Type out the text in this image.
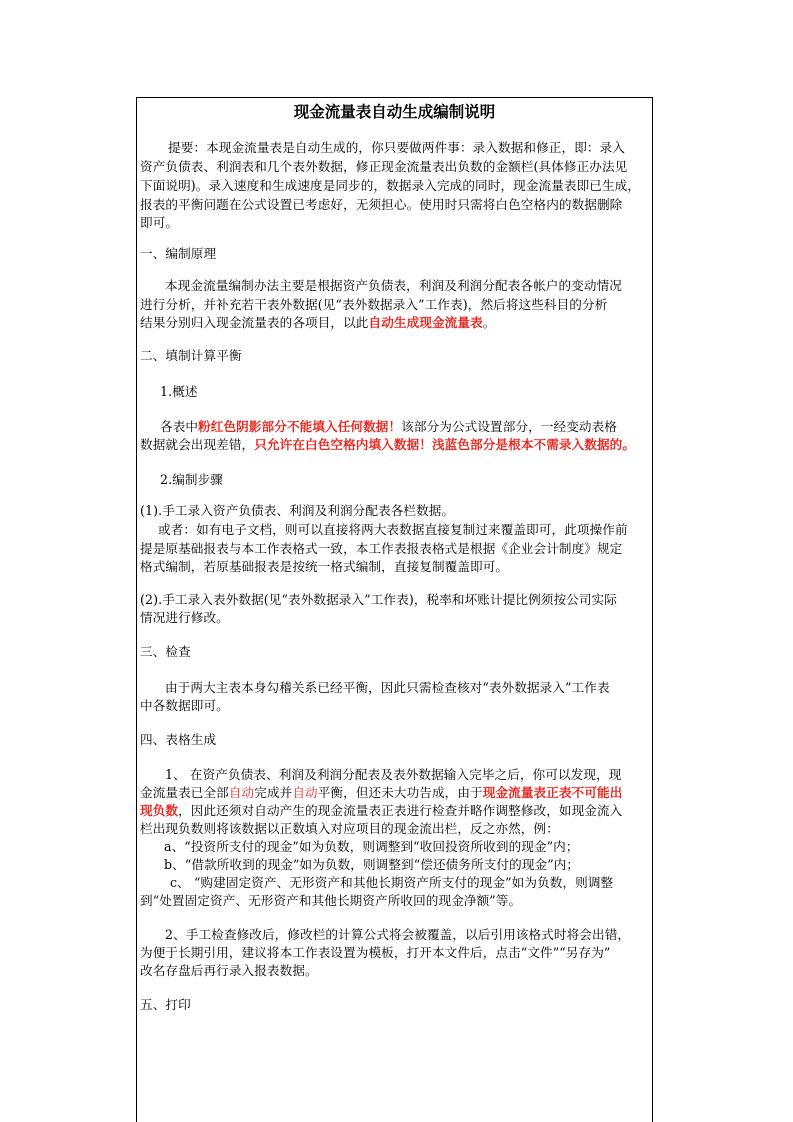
现金流量表自动生成编制说明
提要：本现金流量表是自动生成的，你只要做两件事：录入数据和修正，即：录入
资产负债表、利润表和几个表外数据，修正现金流量表出负数的金额栏(具体修正办法见
下面说明)。录入速度和生成速度是同步的，数据录入完成的同时，现金流量表即已生成，
报表的平衡问题在公式设置已考虑好，无须担心。使用时只需将白色空格内的数据删除
即可。
一、编制原理
本现金流量编制办法主要是根据资产负债表，利润及利润分配表各帐户的变动情况
进行分析，并补充若干表外数据(见“表外数据录入”工作表)，然后将这些科目的分析
结果分别归入现金流量表的各项目，以此自动生成现金流量表。
二、填制计算平衡
1.概述
各表中粉红色阴影部分不能填入任何数据！该部分为公式设置部分，一经变动表格
数据就会出现差错，只允许在白色空格内填入数据！浅蓝色部分是根本不需录入数据的。
2.编制步骤
(1).手工录入资产负债表、利润及利润分配表各栏数据。
或者：如有电子文档，则可以直接将两大表数据直接复制过来覆盖即可，此项操作前
提是原基础报表与本工作表格式一致，本工作表报表格式是根据《企业会计制度》规定
格式编制，若原基础报表是按统一格式编制，直接复制覆盖即可。
(2).手工录入表外数据(见“表外数据录入”工作表)，税率和坏账计提比例须按公司实际
情况进行修改。
三、检查
由于两大主表本身勾稽关系已经平衡，因此只需检查核对“表外数据录入”工作表
中各数据即可。
四、表格生成
1、 在资产负债表、利润及利润分配表及表外数据输入完毕之后，你可以发现，现
金流量表已全部自动完成并自动平衡，但还未大功告成，由于现金流量表正表不可能出
现负数，因此还须对自动产生的现金流量表正表进行检查并略作调整修改，如现金流入
栏出现负数则将该数据以正数填入对应项目的现金流出栏，反之亦然，例：
a、“投资所支付的现金”如为负数，则调整到“收回投资所收到的现金”内；
b、“借款所收到的现金”如为负数，则调整到“偿还债务所支付的现金”内；
c、 “购建固定资产、无形资产和其他长期资产所支付的现金”如为负数，则调整
到“处置固定资产、无形资产和其他长期资产所收回的现金净额”等。
2、手工检查修改后，修改栏的计算公式将会被覆盖，以后引用该格式时将会出错，
为便于长期引用，建议将本工作表设置为模板，打开本文件后，点击“文件”“另存为”
改名存盘后再行录入报表数据。
五、打印
